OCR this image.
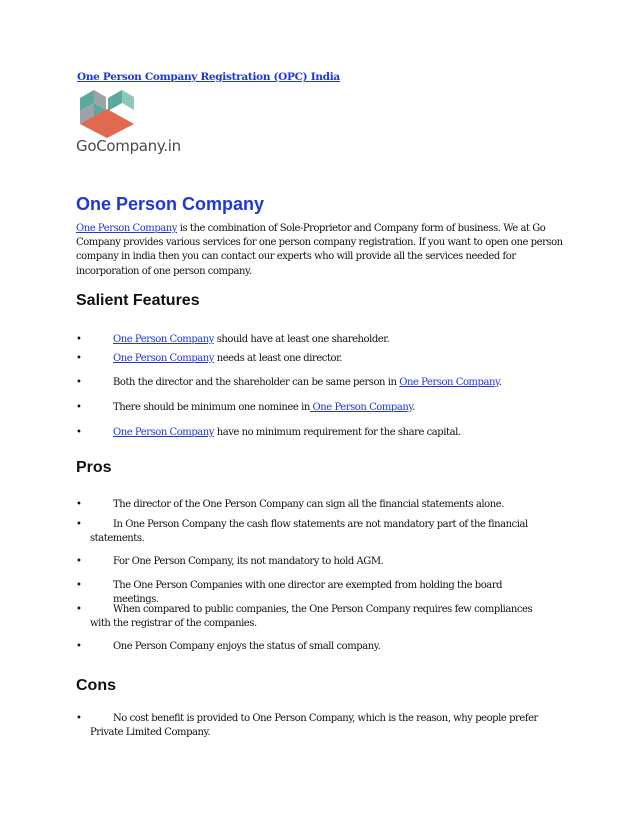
One Person Company Registration (OPC) India
GoCompany.in
One Person Company

One Person Company is the combination of Sole-Proprietor and Company form of business. We at Go Company provides various services for one person company registration. If you want to open one person company in india then you can contact our experts who will provide all the services needed for incorporation of one person company.

Salient Features
•	One Person Company should have at least one shareholder.
•	One Person Company needs at least one director.
•	Both the director and the shareholder can be same person in One Person Company.
•	There should be minimum one nominee in One Person Company.
•	One Person Company have no minimum requirement for the share capital.
Pros
•	The director of the One Person Company can sign all the financial statements alone.
•	In One Person Company the cash flow statements are not mandatory part of the financial statements.
•	For One Person Company, its not mandatory to hold AGM.
•	The One Person Companies with one director are exempted from holding the board meetings.
•	When compared to public companies, the One Person Company requires few compliances with the registrar of the companies.
•	One Person Company enjoys the status of small company.
Cons
•	No cost benefit is provided to One Person Company, which is the reason, why people prefer Private Limited Company.
